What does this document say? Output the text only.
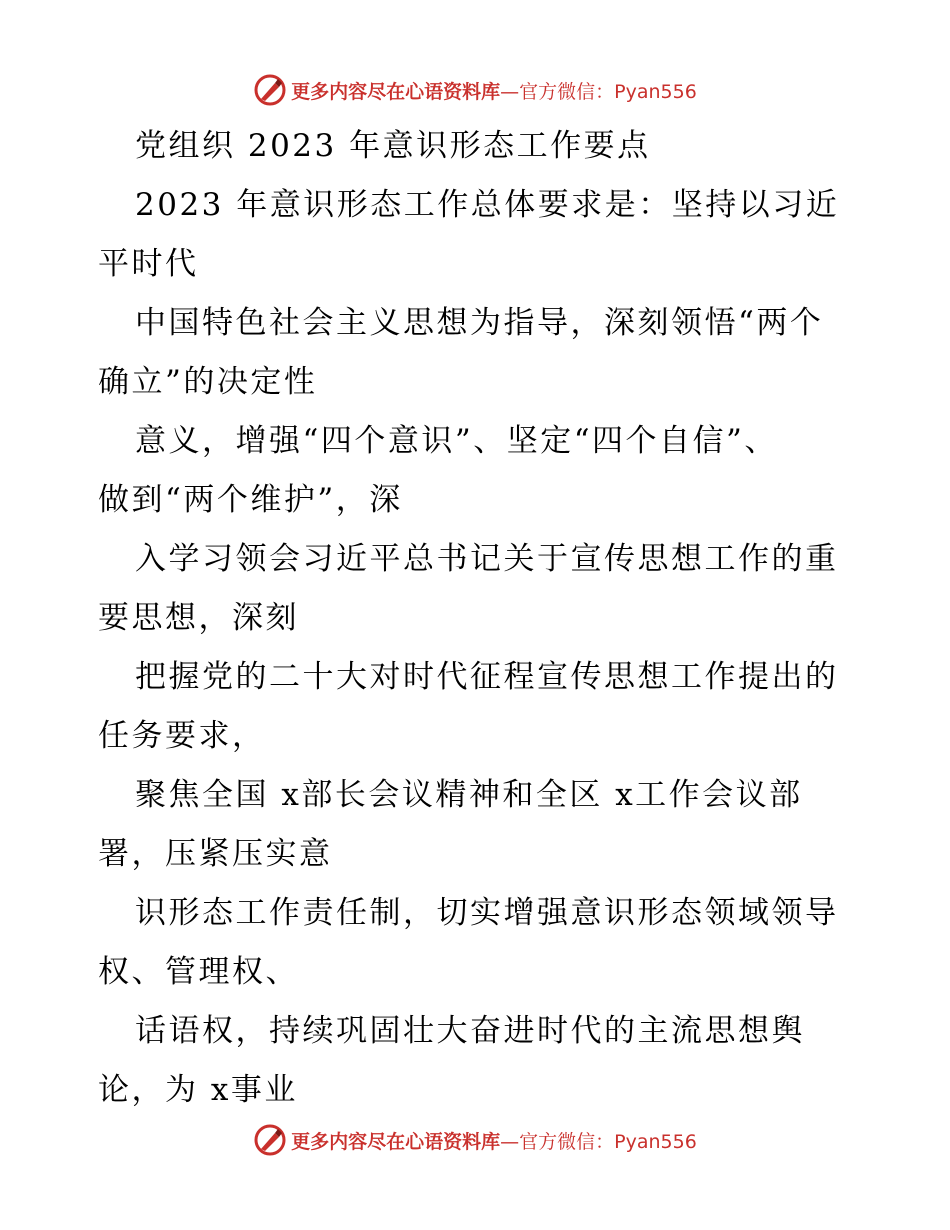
更多内容尽在心语资料库 —官方微信：Pyan556
党组织 2023 年意识形态工作要点
2023 年意识形态工作总体要求是：坚持以习近
平时代
中国特色社会主义思想为指导，深刻领悟“两个
确立”的决定性
意义，增强“四个意识”、坚定“四个自信”、
做到“两个维护”，深
入学习领会习近平总书记关于宣传思想工作的重
要思想，深刻
把握党的二十大对时代征程宣传思想工作提出的
任务要求，
聚焦全国 x部长会议精神和全区 x工作会议部
署，压紧压实意
识形态工作责任制，切实增强意识形态领域领导
权、管理权、
话语权，持续巩固壮大奋进时代的主流思想舆
论，为 x事业
更多内容尽在心语资料库 —官方微信：Pyan556
